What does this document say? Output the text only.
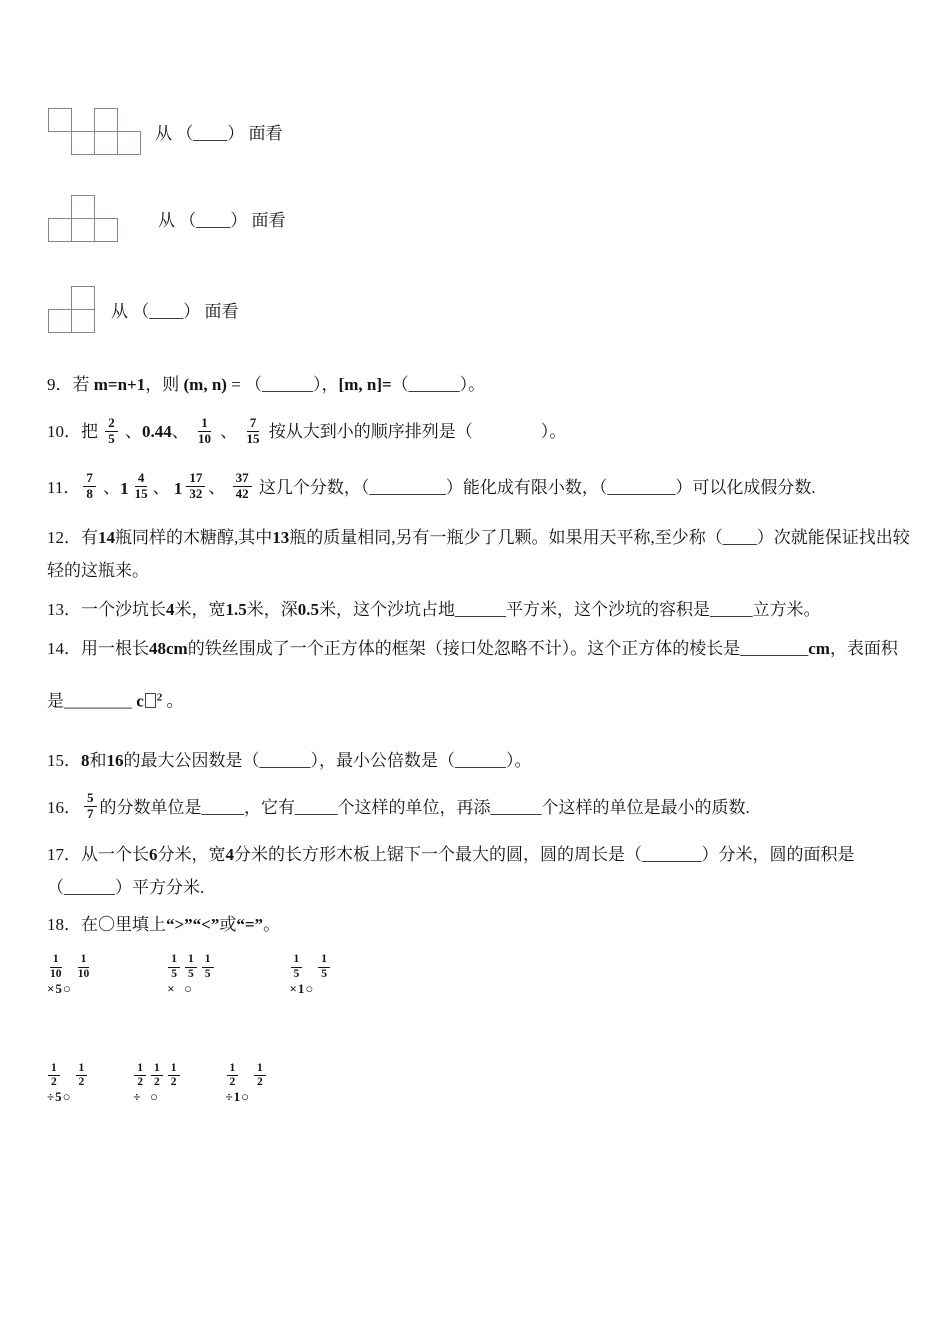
从 （____） 面看
从 （____） 面看
从 （____） 面看
9．若 m=n+1，则 (m, n) = （______），[m, n]=（______）。
10．把 $\frac{2}{5}$ 、0.44、 $\frac{1}{10}$ 、 $\frac{7}{15}$ 按从大到小的顺序排列是（　　　　）。
11． $\frac{7}{8}$ 、 $1 \frac{4}{15}$ 、 $1 \frac{17}{32}$ 、 $\frac{37}{42}$ 这几个分数，（_________）能化成有限小数，（________）可以化成假分数.
12．有14瓶同样的木糖醇,其中13瓶的质量相同,另有一瓶少了几颗。如果用天平称,至少称（____）次就能保证找出较轻的这瓶来。
13．一个沙坑长4米，宽1.5米，深0.5米，这个沙坑占地______平方米，这个沙坑的容积是_____立方米。
14．用一根长48cm的铁丝围成了一个正方体的框架（接口处忽略不计）。这个正方体的棱长是________cm，表面积
是________ c $^2$ 。
15．8和16的最大公因数是（______），最小公倍数是（______）。
16． $\frac{5}{7}$ 的分数单位是_____，它有_____个这样的单位，再添______个这样的单位是最小的质数.
17．从一个长6分米，宽4分米的长方形木板上锯下一个最大的圆，圆的周长是（_______）分米，圆的面积是（______）平方分米.
18．在〇里填上“>”“<”或“=”。
$\frac{1}{10}$
×5○
$\frac{1}{10}$	$\frac{1}{5}$
×
$\frac{1}{5}$
○
$\frac{1}{5}$	$\frac{1}{5}$
×1○
$\frac{1}{5}$
$\frac{1}{2}$
÷5○
$\frac{1}{2}$	$\frac{1}{2}$
÷
$\frac{1}{2}$
○
$\frac{1}{2}$	$\frac{1}{2}$
÷1○
$\frac{1}{2}$
